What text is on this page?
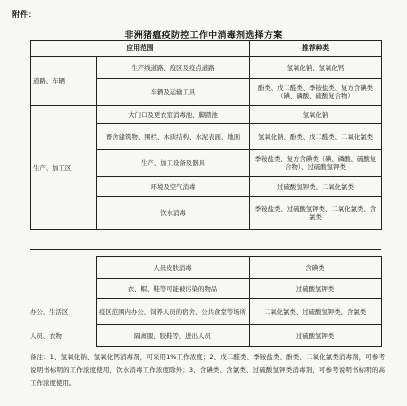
附件：
非洲猪瘟疫防控工作中消毒剂选择方案
应用范围		推荐种类
道路、车辆	生产线道路、疫区及疫点道路	氢氧化钠、氢氧化钙
	车辆及运输工具	酚类、戊二醛类、季铵盐类、复方含碘类（碘、磷酸、硫酸复合物）
生产、加工区	大门口及更衣室消毒池、脚踏池	氢氧化钠
	畜舍建筑物、围栏、木质结构、水泥表面、地面	氢氧化钠、酚类、戊二醛类、二氧化氯类
	生产、加工设备及器具	季铵盐类、复方含碘类（碘、磷酸、硫酸复合物）、过硫酸氢钾类
	环境及空气消毒	过硫酸氢钾类、二氧化氯类
	饮水消毒	季铵盐类、过硫酸氢钾类、二氧化氯类、含氯类
	人员皮肤消毒	含碘类
	衣、帽、鞋等可能被污染的物品	过硫酸氢钾类
办公、生活区	疫区范围内办公、饲养人员的宿舍、公共食堂等场所	二氧化氯类、过硫酸氢钾类、含氯类
人员、衣物	隔离服、胶鞋等，进出人员	过硫酸氢钾类
备注：1、氢氧化钠、氢氧化钙消毒剂，可采用1%工作浓度；2、戊二醛类、季铵盐类、酚类、二氧化氯类消毒剂，可参考说明书标明的工作浓度使用，饮水消毒工作浓度除外；3、含碘类、含氯类、过硫酸氢钾类消毒剂，可参考说明书标明的高工作浓度使用。
